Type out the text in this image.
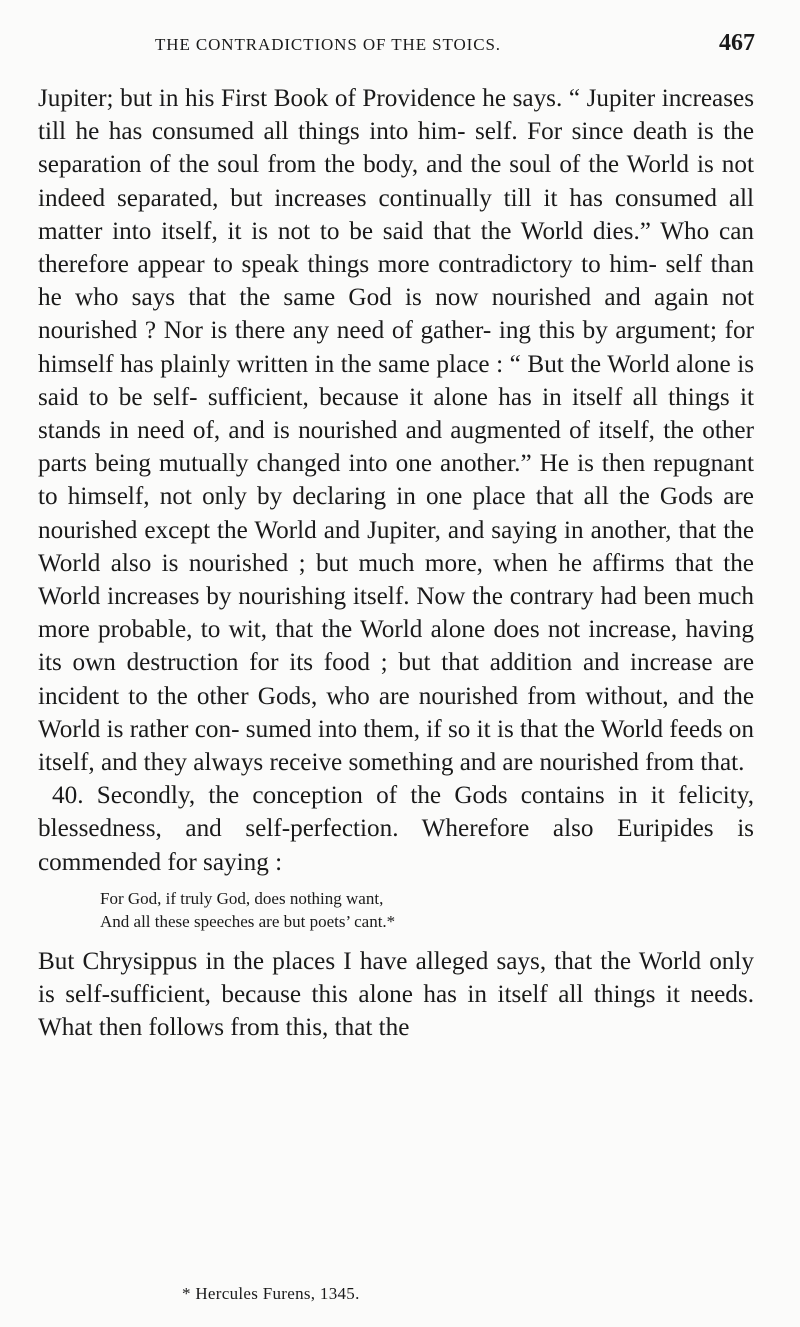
THE CONTRADICTIONS OF THE STOICS.	467

Jupiter; but in his First Book of Providence he says. “ Jupiter increases till he has consumed all things into him- self. For since death is the separation of the soul from the body, and the soul of the World is not indeed separated, but increases continually till it has consumed all matter into itself, it is not to be said that the World dies.” Who can therefore appear to speak things more contradictory to him- self than he who says that the same God is now nourished and again not nourished ? Nor is there any need of gather- ing this by argument; for himself has plainly written in the same place : “ But the World alone is said to be self- sufficient, because it alone has in itself all things it stands in need of, and is nourished and augmented of itself, the other parts being mutually changed into one another.” He is then repugnant to himself, not only by declaring in one place that all the Gods are nourished except the World and Jupiter, and saying in another, that the World also is nourished ; but much more, when he affirms that the World increases by nourishing itself. Now the contrary had been much more probable, to wit, that the World alone does not increase, having its own destruction for its food ; but that addition and increase are incident to the other Gods, who are nourished from without, and the World is rather con- sumed into them, if so it is that the World feeds on itself, and they always receive something and are nourished from that.

40. Secondly, the conception of the Gods contains in it felicity, blessedness, and self-perfection. Wherefore also Euripides is commended for saying :

For God, if truly God, does nothing want,
And all these speeches are but poets’ cant.*

But Chrysippus in the places I have alleged says, that the World only is self-sufficient, because this alone has in itself all things it needs. What then follows from this, that the

* Hercules Furens, 1345.
